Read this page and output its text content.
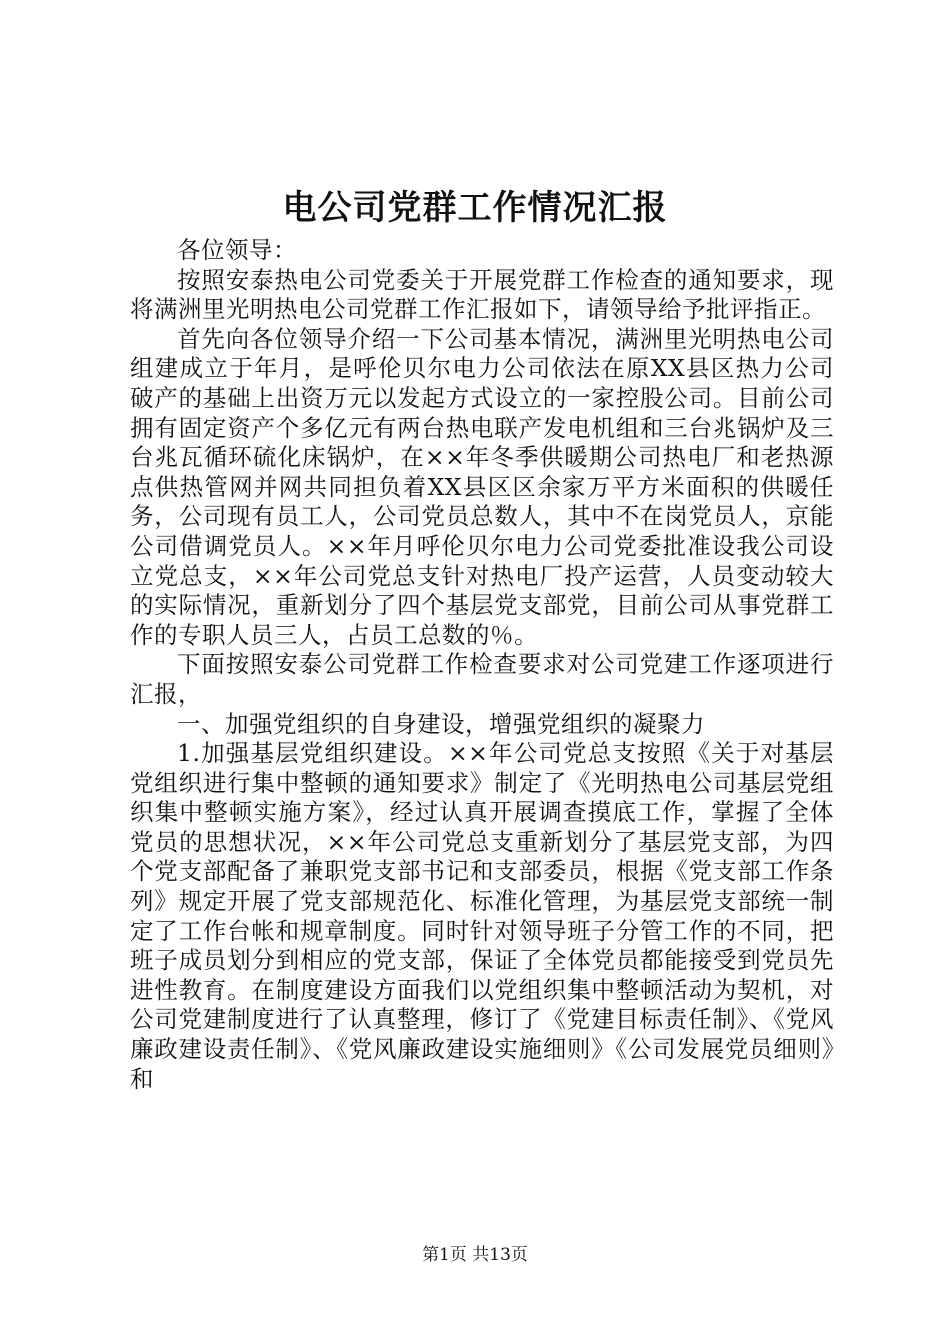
电公司党群工作情况汇报

各位领导：

按照安泰热电公司党委关于开展党群工作检查的通知要求，现将满洲里光明热电公司党群工作汇报如下，请领导给予批评指正。

首先向各位领导介绍一下公司基本情况，满洲里光明热电公司组建成立于年月，是呼伦贝尔电力公司依法在原XX县区热力公司破产的基础上出资万元以发起方式设立的一家控股公司。目前公司拥有固定资产个多亿元有两台热电联产发电机组和三台兆锅炉及三台兆瓦循环硫化床锅炉，在××年冬季供暖期公司热电厂和老热源点供热管网并网共同担负着XX县区区余家万平方米面积的供暖任务，公司现有员工人，公司党员总数人，其中不在岗党员人，京能公司借调党员人。××年月呼伦贝尔电力公司党委批准设我公司设立党总支，××年公司党总支针对热电厂投产运营，人员变动较大的实际情况，重新划分了四个基层党支部党，目前公司从事党群工作的专职人员三人，占员工总数的％。

下面按照安泰公司党群工作检查要求对公司党建工作逐项进行汇报，

一、加强党组织的自身建设，增强党组织的凝聚力

1.加强基层党组织建设。××年公司党总支按照《关于对基层党组织进行集中整顿的通知要求》制定了《光明热电公司基层党组织集中整顿实施方案》，经过认真开展调查摸底工作，掌握了全体党员的思想状况，××年公司党总支重新划分了基层党支部，为四个党支部配备了兼职党支部书记和支部委员，根据《党支部工作条列》规定开展了党支部规范化、标准化管理，为基层党支部统一制定了工作台帐和规章制度。同时针对领导班子分管工作的不同，把班子成员划分到相应的党支部，保证了全体党员都能接受到党员先进性教育。在制度建设方面我们以党组织集中整顿活动为契机，对公司党建制度进行了认真整理，修订了《党建目标责任制》、《党风廉政建设责任制》、《党风廉政建设实施细则》《公司发展党员细则》和

第1页 共13页
